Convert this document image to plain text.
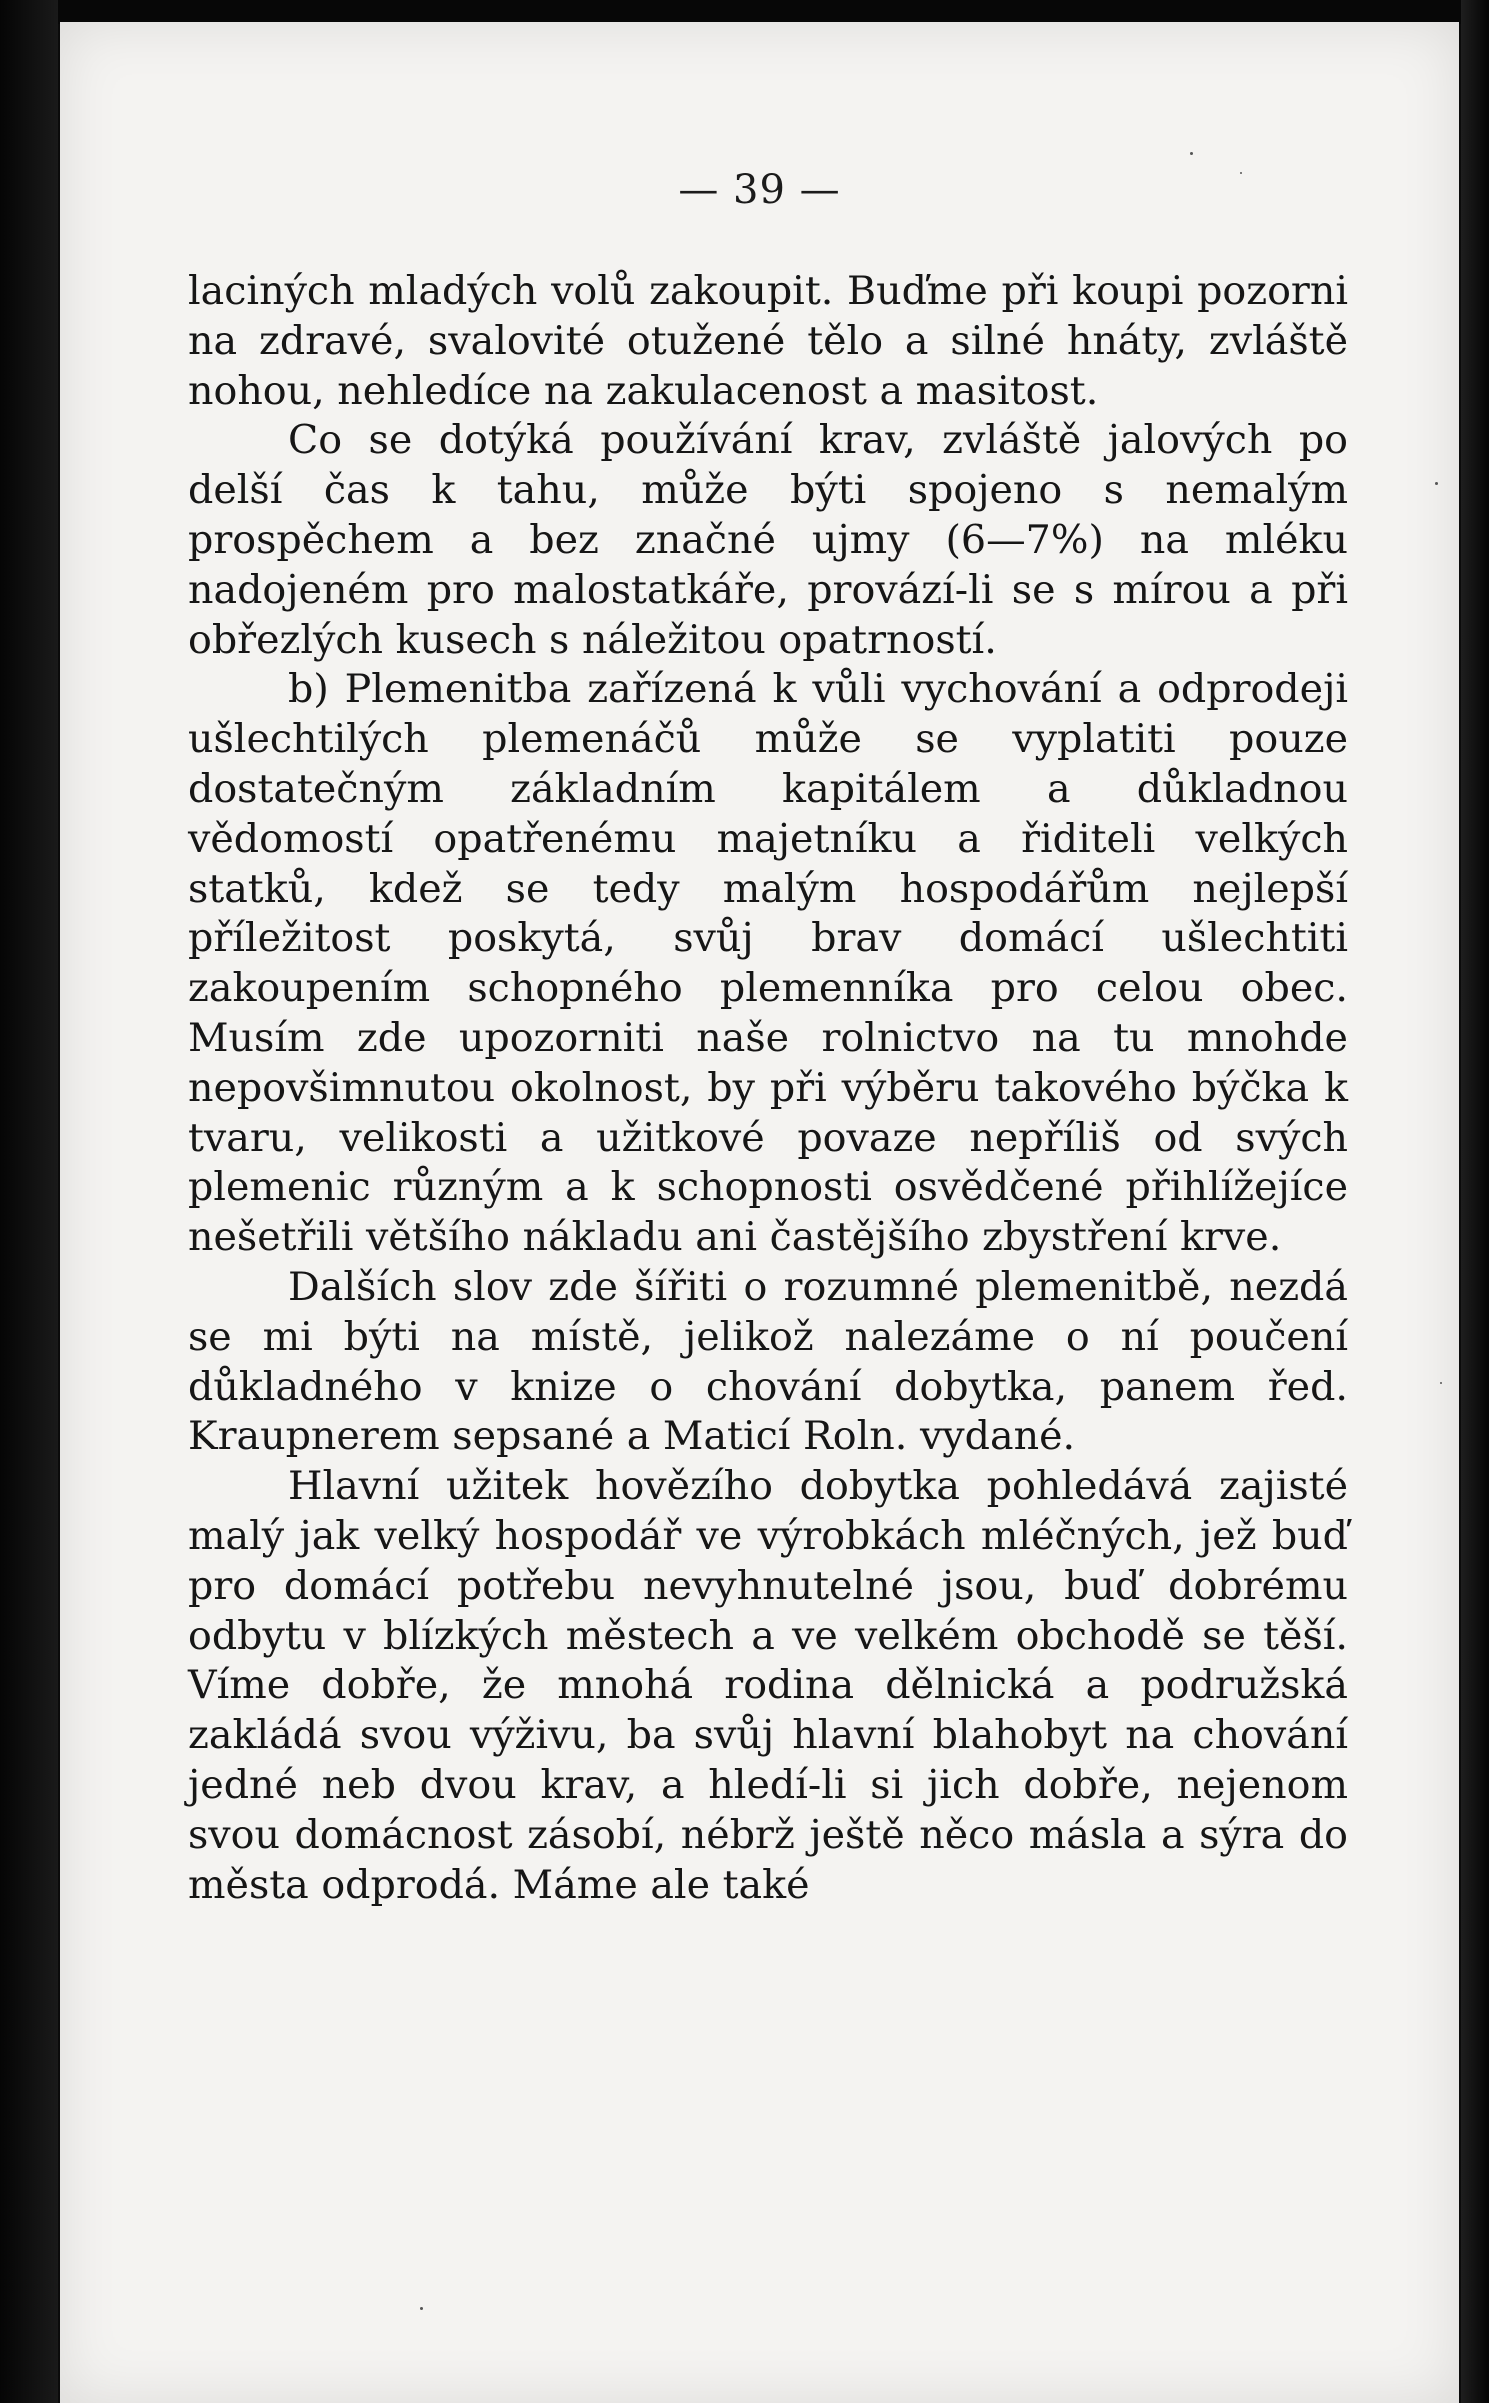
— 39 —

laciných mladých volů zakoupit. Buďme při koupi pozorni na zdravé, svalovité otužené tělo a silné hnáty, zvláště nohou, nehledíce na zakulacenost a masitost.

Co se dotýká používání krav, zvláště jalových po delší čas k tahu, může býti spojeno s nemalým prospěchem a bez značné ujmy (6—7%) na mléku nadojeném pro malostatkáře, provází-li se s mírou a při obřezlých kusech s náležitou opatrností.

b) Plemenitba zařízená k vůli vychování a odprodeji ušlechtilých plemenáčů může se vyplatiti pouze dostatečným základním kapitálem a důkladnou vědomostí opatřenému majetníku a řiditeli velkých statků, kdež se tedy malým hospodářům nejlepší příležitost poskytá, svůj brav domácí ušlechtiti zakoupením schopného plemenníka pro celou obec. Musím zde upozorniti naše rolnictvo na tu mnohde nepovšimnutou okolnost, by při výběru takového býčka k tvaru, velikosti a užitkové povaze nepříliš od svých plemenic různým a k schopnosti osvědčené přihlížejíce nešetřili většího nákladu ani častějšího zbystření krve.

Dalších slov zde šířiti o rozumné plemenitbě, nezdá se mi býti na místě, jelikož nalezáme o ní poučení důkladného v knize o chování dobytka, panem řed. Kraupnerem sepsané a Maticí Roln. vydané.

Hlavní užitek hovězího dobytka pohledává zajisté malý jak velký hospodář ve výrobkách mléčných, jež buď pro domácí potřebu nevyhnutelné jsou, buď dobrému odbytu v blízkých městech a ve velkém obchodě se těší. Víme dobře, že mnohá rodina dělnická a podružská zakládá svou výživu, ba svůj hlavní blahobyt na chování jedné neb dvou krav, a hledí-li si jich dobře, nejenom svou domácnost zásobí, nébrž ještě něco másla a sýra do města odprodá. Máme ale také
